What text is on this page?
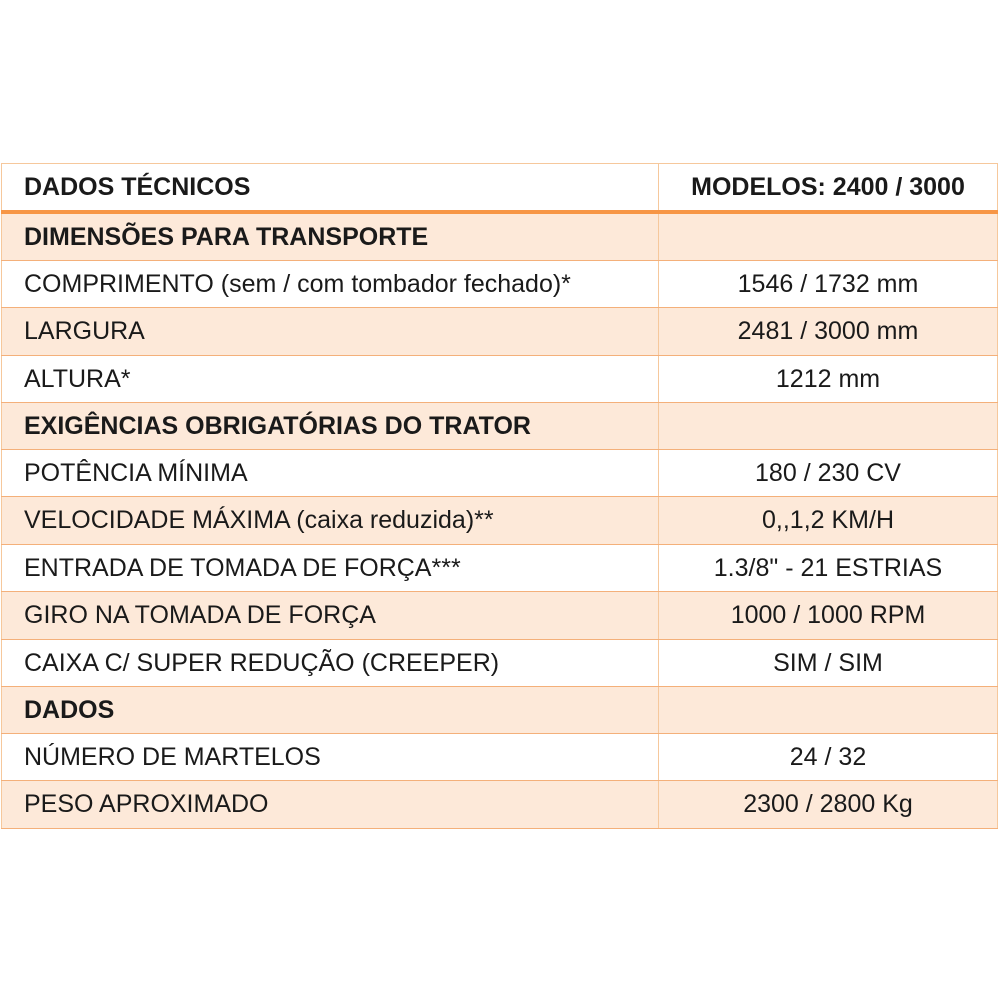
DADOS TÉCNICOS	MODELOS: 2400 / 3000
DIMENSÕES PARA TRANSPORTE	
COMPRIMENTO (sem / com tombador fechado)*	1546 / 1732 mm
LARGURA	2481 / 3000 mm
ALTURA*	1212 mm
EXIGÊNCIAS OBRIGATÓRIAS DO TRATOR	
POTÊNCIA MÍNIMA	180 / 230 CV
VELOCIDADE MÁXIMA (caixa reduzida)**	0,,1,2 KM/H
ENTRADA DE TOMADA DE FORÇA***	1.3/8" - 21 ESTRIAS
GIRO NA TOMADA DE FORÇA	1000 / 1000 RPM
CAIXA C/ SUPER REDUÇÃO (CREEPER)	SIM / SIM
DADOS	
NÚMERO DE MARTELOS	24 / 32
PESO APROXIMADO	2300 / 2800 Kg
